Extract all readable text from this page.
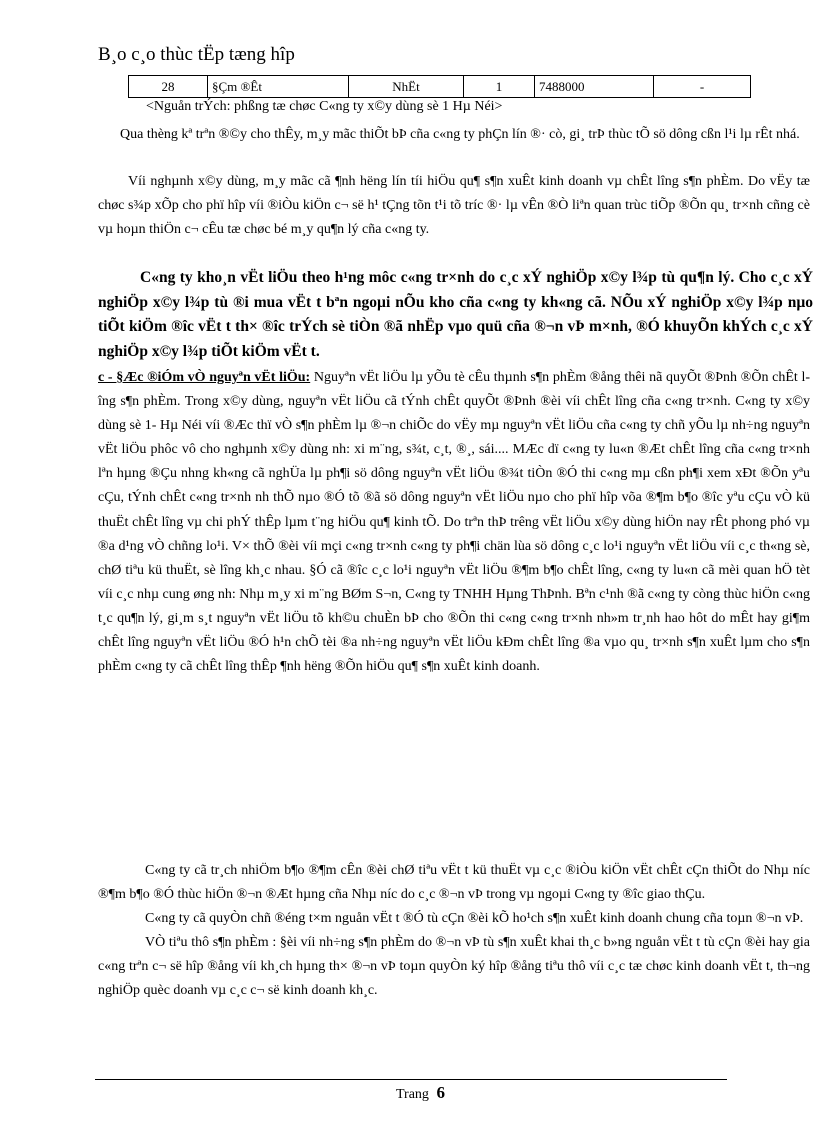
B¸o c¸o thùc tËp tæng hîp
28	§Çm ®Êt	NhËt	1	7488000	-
<Nguån trÝch: phßng tæ chøc C«ng ty x©y dùng sè 1 Hµ Néi>

Qua thèng kª trªn ®©y cho thÊy, m¸y mãc thiÕt bÞ cña c«ng ty phÇn lín ®· cò, gi¸ trÞ thùc tÕ sö dông cßn l¹i lµ rÊt nhá.

Víi nghµnh x©y dùng, m¸y mãc cã ¶nh hëng lín tíi hiÖu qu¶ s¶n xuÊt kinh doanh vµ chÊt lîng s¶n phÈm. Do vËy tæ chøc s¾p xÕp cho phï hîp víi ®iÒu kiÖn c¬ së h¹ tÇng tõn t¹i tõ tríc ®· lµ vÊn ®Ò liªn quan trùc tiÕp ®Õn qu¸ tr×nh cñng cè vµ hoµn thiÖn c¬ cÊu tæ chøc bé m¸y qu¶n lý cña c«ng ty.

C«ng ty kho¸n vËt liÖu theo h¹ng môc c«ng tr×nh do c¸c xÝ nghiÖp x©y l¾p tù qu¶n lý. Cho c¸c xÝ nghiÖp x©y l¾p tù ®i mua vËt t bªn ngoµi nÕu kho cña c«ng ty kh«ng cã. NÕu xÝ nghiÖp x©y l¾p nµo tiÕt kiÖm ®îc vËt t th× ®îc trÝch sè tiÒn ®ã nhËp vµo quü cña ®¬n vÞ m×nh, ®Ó khuyÕn khÝch c¸c xÝ nghiÖp x©y l¾p tiÕt kiÖm vËt t.

c - §Æc ®iÓm vÒ nguyªn vËt liÖu: Nguyªn vËt liÖu lµ yÕu tè cÊu thµnh s¶n phÈm ®ång thêi nã quyÕt ®Þnh ®Õn chÊt lîng s¶n phÈm. Trong x©y dùng, nguyªn vËt liÖu cã tÝnh chÊt quyÕt ®Þnh ®èi víi chÊt lîng cña c«ng tr×nh. C«ng ty x©y dùng sè 1- Hµ Néi víi ®Æc thï vÒ s¶n phÈm lµ ®¬n chiÕc do vËy mµ nguyªn vËt liÖu cña c«ng ty chñ yÕu lµ nh÷ng nguyªn vËt liÖu phôc vô cho nghµnh x©y dùng nh: xi m¨ng, s¾t, c¸t, ®¸, sái.... MÆc dï c«ng ty lu«n ®Æt chÊt lîng cña c«ng tr×nh lªn hµng ®Çu nhng kh«ng cã nghÜa lµ ph¶i sö dông nguyªn vËt liÖu ®¾t tiÒn ®Ó thi c«ng mµ cßn ph¶i xem xÐt ®Õn yªu cÇu, tÝnh chÊt c«ng tr×nh nh thÕ nµo ®Ó tõ ®ã sö dông nguyªn vËt liÖu nµo cho phï hîp võa ®¶m b¶o ®îc yªu cÇu vÒ kü thuËt chÊt lîng vµ chi phÝ thÊp lµm t¨ng hiÖu qu¶ kinh tÕ. Do trªn thÞ trêng vËt liÖu x©y dùng hiÖn nay rÊt phong phó vµ ®a d¹ng vÒ chñng lo¹i. V× thÕ ®èi víi mçi c«ng tr×nh c«ng ty ph¶i chän lùa sö dông c¸c lo¹i nguyªn vËt liÖu víi c¸c th«ng sè, chØ tiªu kü thuËt, sè lîng kh¸c nhau. §Ó cã ®îc c¸c lo¹i nguyªn vËt liÖu ®¶m b¶o chÊt lîng, c«ng ty lu«n cã mèi quan hÖ tèt víi c¸c nhµ cung øng nh: Nhµ m¸y xi m¨ng BØm S¬n, C«ng ty TNHH Hµng ThÞnh. Bªn c¹nh ®ã c«ng ty còng thùc hiÖn c«ng t¸c qu¶n lý, gi¸m s¸t nguyªn vËt liÖu tõ kh©u chuÈn bÞ cho ®Õn thi c«ng c«ng tr×nh nh»m tr¸nh hao hôt do mÊt hay gi¶m chÊt lîng nguyªn vËt liÖu ®Ó h¹n chÕ tèi ®a nh÷ng nguyªn vËt liÖu kÐm chÊt lîng ®a vµo qu¸ tr×nh s¶n xuÊt lµm cho s¶n phÈm c«ng ty cã chÊt lîng thÊp ¶nh hëng ®Õn hiÖu qu¶ s¶n xuÊt kinh doanh.

C«ng ty cã tr¸ch nhiÖm b¶o ®¶m cÊn ®èi chØ tiªu vËt t kü thuËt vµ c¸c ®iÒu kiÖn vËt chÊt cÇn thiÕt do Nhµ níc ®¶m b¶o ®Ó thùc hiÖn ®¬n ®Æt hµng cña Nhµ níc do c¸c ®¬n vÞ trong vµ ngoµi C«ng ty ®îc giao thÇu.

C«ng ty cã quyÒn chñ ®éng t×m nguån vËt t ®Ó tù cÇn ®èi kÕ ho¹ch s¶n xuÊt kinh doanh chung cña toµn ®¬n vÞ.

VÒ tiªu thô s¶n phÈm : §èi víi nh÷ng s¶n phÈm do ®¬n vÞ tù s¶n xuÊt khai th¸c b»ng nguån vËt t tù cÇn ®èi hay gia c«ng trªn c¬ së hîp ®ång víi kh¸ch hµng th× ®¬n vÞ toµn quyÒn ký hîp ®ång tiªu thô víi c¸c tæ chøc kinh doanh vËt t, th¬ng nghiÖp quèc doanh vµ c¸c c¬ së kinh doanh kh¸c.

Trang 6
